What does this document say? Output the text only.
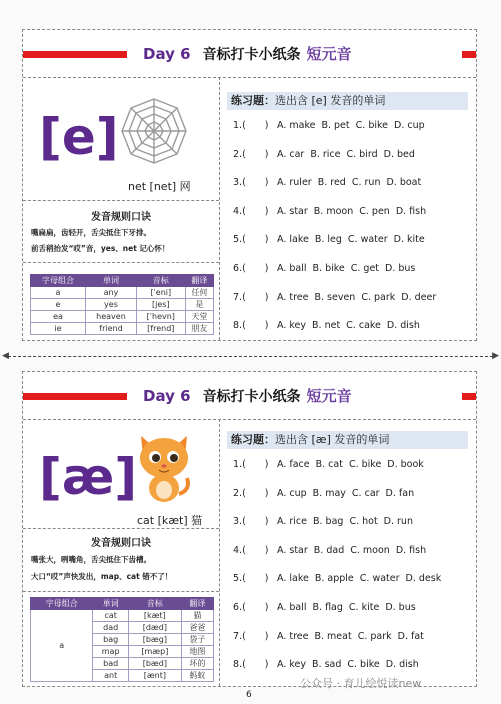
Day 6 音标打卡小纸条 短元音
[e]
net [net] 网
发音规则口诀
嘴扁扁，齿轻开，舌尖抵住下牙排。
前舌稍抬发“哎”音，yes、net 记心怀！
字母组合	单词	音标	翻译
a	any	[ˈeni]	任何
e	yes	[jes]	是
ea	heaven	[ˈhevn]	天堂
ie	friend	[frend]	朋友
练习题：选出含 [e] 发音的单词
1.(　　) A. make B. pet C. bike D. cup
2.(　　) A. car B. rice C. bird D. bed
3.(　　) A. ruler B. red C. run D. boat
4.(　　) A. star B. moon C. pen D. fish
5.(　　) A. lake B. leg C. water D. kite
6.(　　) A. ball B. bike C. get D. bus
7.(　　) A. tree B. seven C. park D. deer
8.(　　) A. key B. net C. cake D. dish
◀	▶
Day 6 音标打卡小纸条 短元音
[æ]
cat [kæt] 猫
发音规则口诀
嘴张大，咧嘴角，舌尖抵住下齿槽。
大口“哎”声快发出，map、cat 错不了！
字母组合	单词	音标	翻译
a	cat	[kæt]	猫
	dad	[dæd]	爸爸
	bag	[bæg]	袋子
	map	[mæp]	地图
	bad	[bæd]	坏的
	ant	[ænt]	蚂蚁
练习题：选出含 [æ] 发音的单词
1.(　　) A. face B. cat C. bike D. book
2.(　　) A. cup B. may C. car D. fan
3.(　　) A. rice B. bag C. hot D. run
4.(　　) A. star B. dad C. moon D. fish
5.(　　) A. lake B. apple C. water D. desk
6.(　　) A. ball B. flag C. kite D. bus
7.(　　) A. tree B. meat C. park D. fat
8.(　　) A. key B. sad C. bike D. dish
6
公众号 · 育儿绘悦读new
